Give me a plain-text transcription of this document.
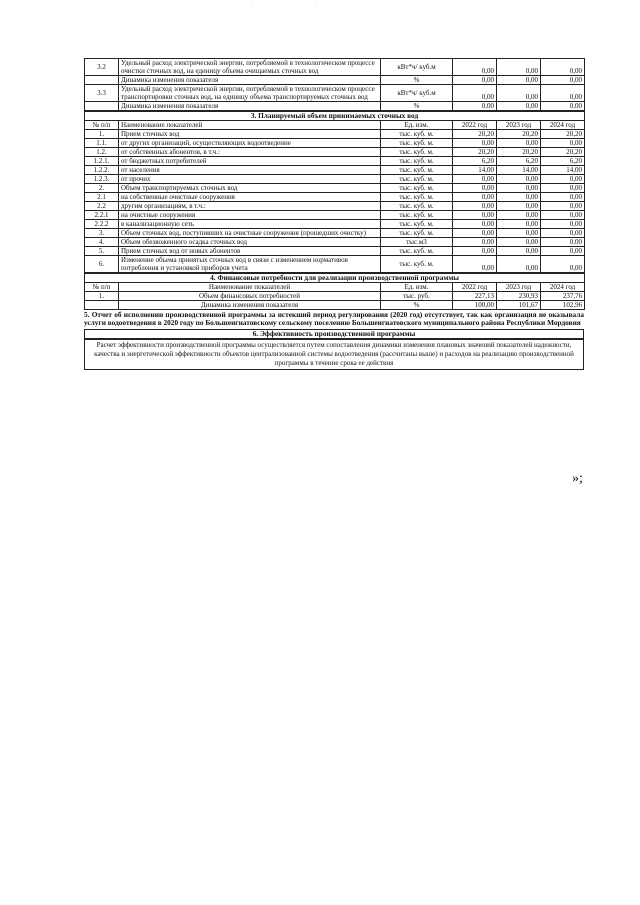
· ·
3.2	Удельный расход электрической энергии, потребляемой в технологическом процессе очистки сточных вод, на единицу объема очищаемых сточных вод	кВт*ч/ куб.м	0,00	0,00	0,00
	Динамика изменения показателя	%	0,00	0,00	0,00
3.3	Удельный расход электрической энергии, потребляемой в технологическом процессе транспортировки сточных вод, на единицу объема транспортируемых сточных вод	кВт*ч/ куб.м	0,00	0,00	0,00
	Динамика изменения показателя	%	0,00	0,00	0,00
3. Планируемый объем принимаемых сточных вод					
№ п/п	Наименование показателей	Ед. изм.	2022 год	2023 год	2024 год
1.	Прием сточных вод	тыс. куб. м.	20,20	20,20	20,20
1.1.	от других организаций, осуществляющих водоотведение	тыс. куб. м.	0,00	0,00	0,00
1.2.	от собственных абонентов, в т.ч.:	тыс. куб. м.	20,20	20,20	20,20
1.2.1.	от бюджетных потребителей	тыс. куб. м.	6,20	6,20	6,20
1.2.2.	от населения	тыс. куб. м.	14,00	14,00	14,00
1.2.3.	от прочих	тыс. куб. м.	0,00	0,00	0,00
2.	Объем транспортируемых сточных вод	тыс. куб. м.	0,00	0,00	0,00
2.1	на собственные очистные сооружения	тыс. куб. м.	0,00	0,00	0,00
2.2	другим организациям, в т.ч.:	тыс. куб. м.	0,00	0,00	0,00
2.2.1	на очистные сооружения	тыс. куб. м.	0,00	0,00	0,00
2.2.2	в канализационную сеть	тыс. куб. м.	0,00	0,00	0,00
3.	Объем сточных вод, поступивших на очистные сооружения (прошедших очистку)	тыс. куб. м.	0,00	0,00	0,00
4.	Объем обезвоженного осадка сточных вод	тыс.м3	0,00	0,00	0,00
5.	Прием сточных вод от новых абонентов	тыс. куб. м.	0,00	0,00	0,00
6.	Изменение объема принятых сточных вод в связи с изменением нормативов потребления и установкой приборов учета	тыс. куб. м.	0,00	0,00	0,00
4. Финансовые потребности для реализации производственной программы					
№ п/п	Наименование показателей	Ед. изм.	2022 год	2023 год	2024 год
1.	Объем финансовых потребностей	тыс. руб.	227,13	230,93	237,76
	Динамика изменения показателя	%	100,00	101,67	102,96
5. Отчет об исполнении производственной программы за истекший период регулирования (2020 год) отсутствует, так как организация не оказывала услуги водоотведения в 2020 году по Большеигнатовскому сельскому поселению Большеигнатовского муниципального района Республики Мордовия
6. Эффективность производственной программы
Расчет эффективности производственной программы осуществляется путем сопоставления динамики изменения плановых значений показателей надежности, качества и энергетической эффективности объектов централизованной системы водоотведения (рассчитаны выше) и расходов на реализацию производственной программы в течение срока ее действия
»;
